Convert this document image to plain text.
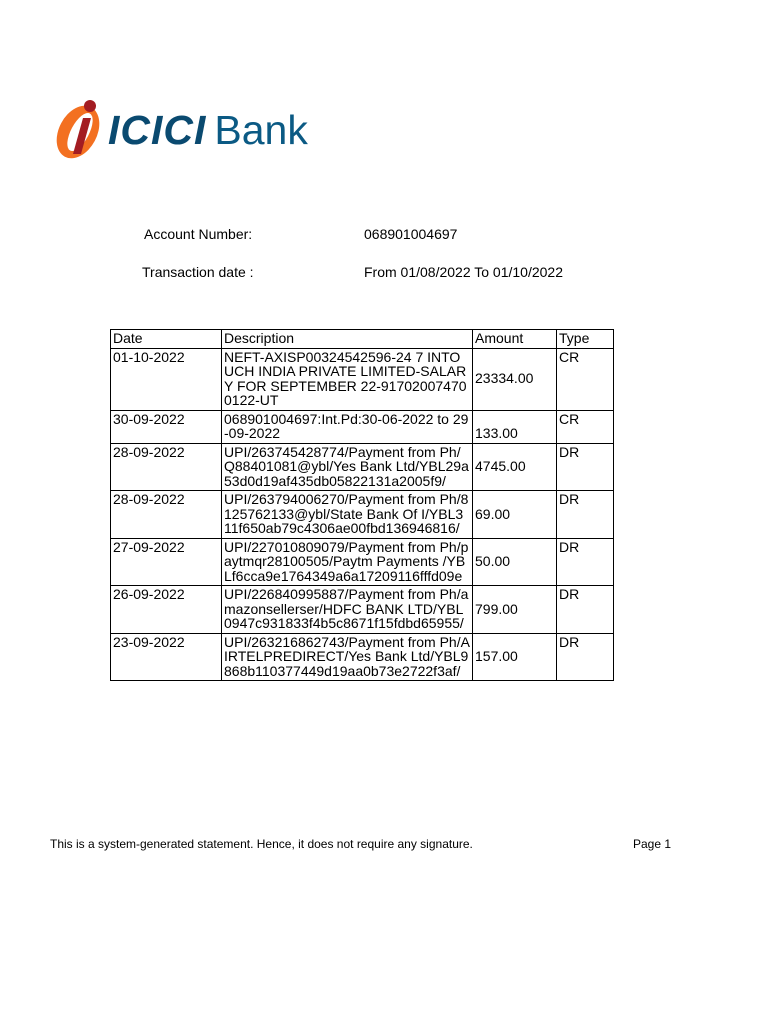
ICICI Bank
Account Number:	068901004697
Transaction date :	From 01/08/2022 To 01/10/2022
Date	Description	Amount	Type
01-10-2022	NEFT-AXISP00324542596-24 7 INTOUCH INDIA PRIVATE LIMITED-SALARY FOR SEPTEMBER 22-917020074700122-UT	23334.00	CR
30-09-2022	068901004697:Int.Pd:30-06-2022 to 29-09-2022	133.00	CR
28-09-2022	UPI/263745428774/Payment from Ph/Q88401081@ybl/Yes Bank Ltd/YBL29a53d0d19af435db05822131a2005f9/	4745.00	DR
28-09-2022	UPI/263794006270/Payment from Ph/8125762133@ybl/State Bank Of I/YBL311f650ab79c4306ae00fbd136946816/	69.00	DR
27-09-2022	UPI/227010809079/Payment from Ph/paytmqr28100505/Paytm Payments /YBLf6cca9e1764349a6a17209116fffd09e	50.00	DR
26-09-2022	UPI/226840995887/Payment from Ph/amazonsellerser/HDFC BANK LTD/YBL0947c931833f4b5c8671f15fdbd65955/	799.00	DR
23-09-2022	UPI/263216862743/Payment from Ph/AIRTELPREDIRECT/Yes Bank Ltd/YBL9868b110377449d19aa0b73e2722f3af/	157.00	DR
This is a system-generated statement. Hence, it does not require any signature.	Page 1
